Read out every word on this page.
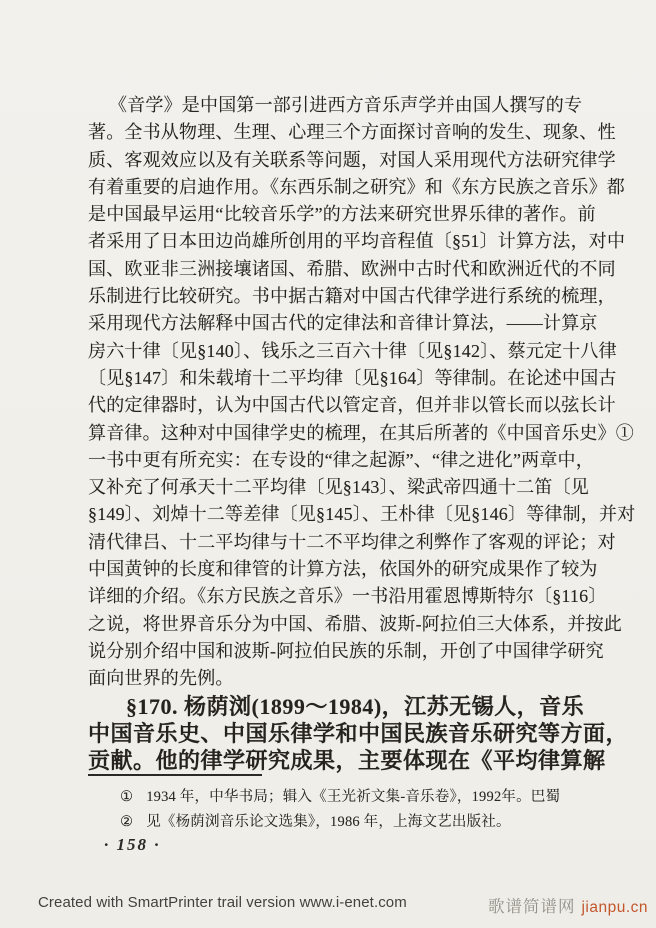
《音学》是中国第一部引进西方音乐声学并由国人撰写的专
著。全书从物理、生理、心理三个方面探讨音响的发生、现象、性
质、客观效应以及有关联系等问题，对国人采用现代方法研究律学
有着重要的启迪作用。《东西乐制之研究》和《东方民族之音乐》都
是中国最早运用“比较音乐学”的方法来研究世界乐律的著作。前
者采用了日本田边尚雄所创用的平均音程值〔§51〕计算方法，对中
国、欧亚非三洲接壤诸国、希腊、欧洲中古时代和欧洲近代的不同
乐制进行比较研究。书中据古籍对中国古代律学进行系统的梳理，
采用现代方法解释中国古代的定律法和音律计算法，——计算京
房六十律〔见§140〕、钱乐之三百六十律〔见§142〕、蔡元定十八律
〔见§147〕和朱载堉十二平均律〔见§164〕等律制。在论述中国古
代的定律器时，认为中国古代以管定音，但并非以管长而以弦长计
算音律。这种对中国律学史的梳理，在其后所著的《中国音乐史》①
一书中更有所充实：在专设的“律之起源”、“律之进化”两章中，
又补充了何承天十二平均律〔见§143〕、梁武帝四通十二笛〔见
§149〕、刘焯十二等差律〔见§145〕、王朴律〔见§146〕等律制，并对
清代律吕、十二平均律与十二不平均律之利弊作了客观的评论；对
中国黄钟的长度和律管的计算方法，依国外的研究成果作了较为
详细的介绍。《东方民族之音乐》一书沿用霍恩博斯特尔〔§116〕
之说，将世界音乐分为中国、希腊、波斯-阿拉伯三大体系，并按此
说分别介绍中国和波斯-阿拉伯民族的乐制，开创了中国律学研究
面向世界的先例。
§170. 杨荫浏(1899～1984)，江苏无锡人，音乐
中国音乐史、中国乐律学和中国民族音乐研究等方面，
贡献。他的律学研究成果，主要体现在《平均律算解
① 1934 年，中华书局；辑入《王光祈文集-音乐卷》，1992年。巴蜀
② 见《杨荫浏音乐论文选集》，1986 年，上海文艺出版社。
· 158 ·
Created with SmartPrinter trail version www.i-enet.com	歌谱简谱网 jianpu.cn
